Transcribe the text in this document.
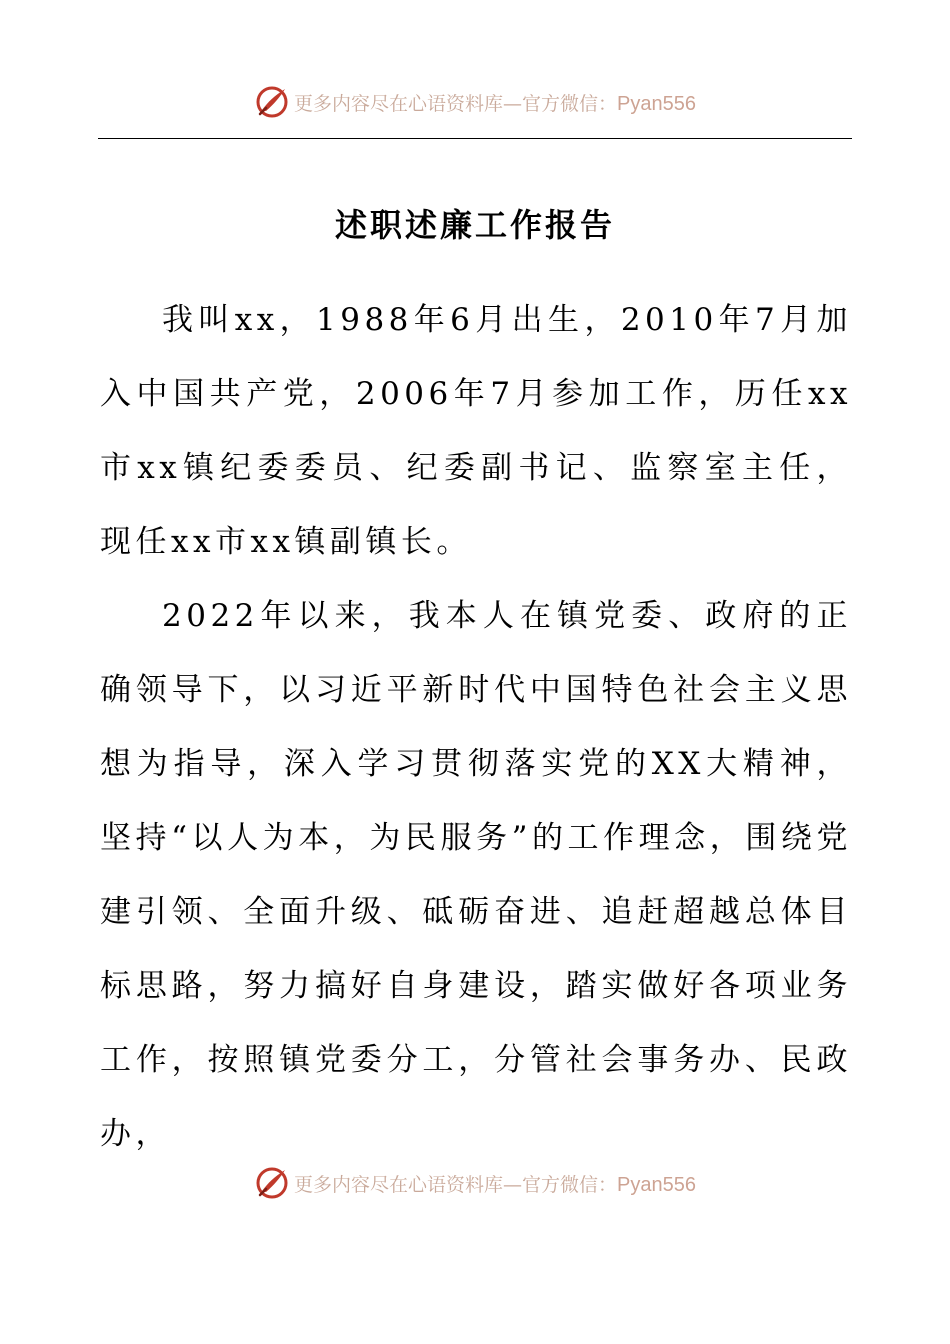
更多内容尽在心语资料库—官方微信：Pyan556
述职述廉工作报告

我叫xx，1988年6月出生，2010年7月加入中国共产党，2006年7月参加工作，历任xx市xx镇纪委委员、纪委副书记、监察室主任，现任xx市xx镇副镇长。

2022年以来，我本人在镇党委、政府的正确领导下，以习近平新时代中国特色社会主义思想为指导，深入学习贯彻落实党的XX大精神，坚持“以人为本，为民服务”的工作理念，围绕党建引领、全面升级、砥砺奋进、追赶超越总体目标思路，努力搞好自身建设，踏实做好各项业务工作，按照镇党委分工，分管社会事务办、民政办，

更多内容尽在心语资料库—官方微信：Pyan556
